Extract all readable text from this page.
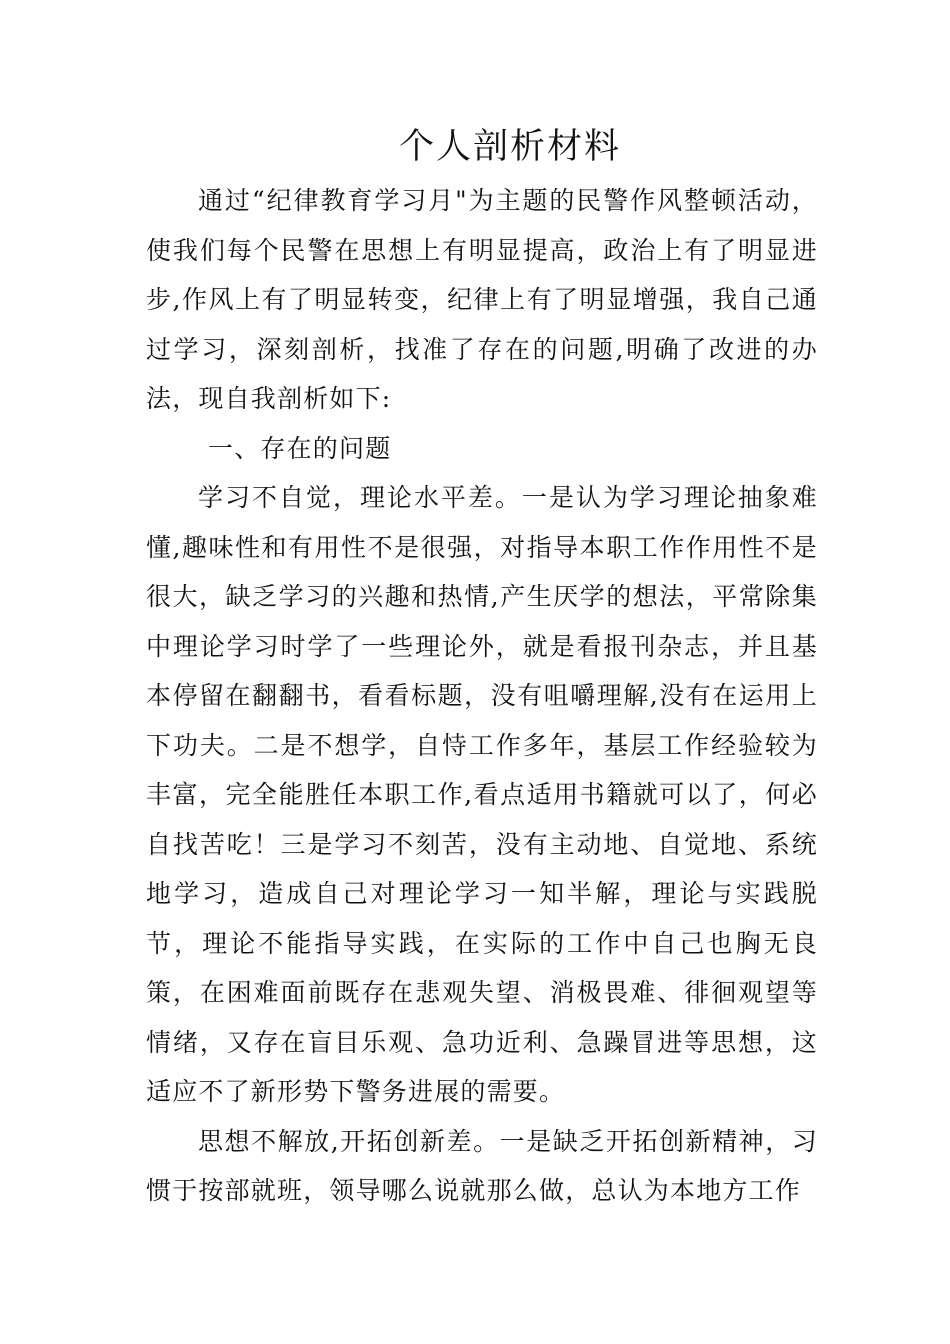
个人剖析材料

通过“纪律教育学习月"为主题的民警作风整顿活动，使我们每个民警在思想上有明显提高，政治上有了明显进步,作风上有了明显转变，纪律上有了明显增强，我自己通过学习，深刻剖析，找准了存在的问题,明确了改进的办法，现自我剖析如下:

一、存在的问题

学习不自觉，理论水平差。一是认为学习理论抽象难懂,趣味性和有用性不是很强，对指导本职工作作用性不是很大，缺乏学习的兴趣和热情,产生厌学的想法，平常除集中理论学习时学了一些理论外，就是看报刊杂志，并且基本停留在翻翻书，看看标题，没有咀嚼理解,没有在运用上下功夫。二是不想学，自恃工作多年，基层工作经验较为丰富，完全能胜任本职工作,看点适用书籍就可以了，何必自找苦吃！三是学习不刻苦，没有主动地、自觉地、系统地学习，造成自己对理论学习一知半解，理论与实践脱节，理论不能指导实践，在实际的工作中自己也胸无良策，在困难面前既存在悲观失望、消极畏难、徘徊观望等情绪，又存在盲目乐观、急功近利、急躁冒进等思想，这适应不了新形势下警务进展的需要。

思想不解放,开拓创新差。一是缺乏开拓创新精神，习惯于按部就班，领导哪么说就那么做，总认为本地方工作
